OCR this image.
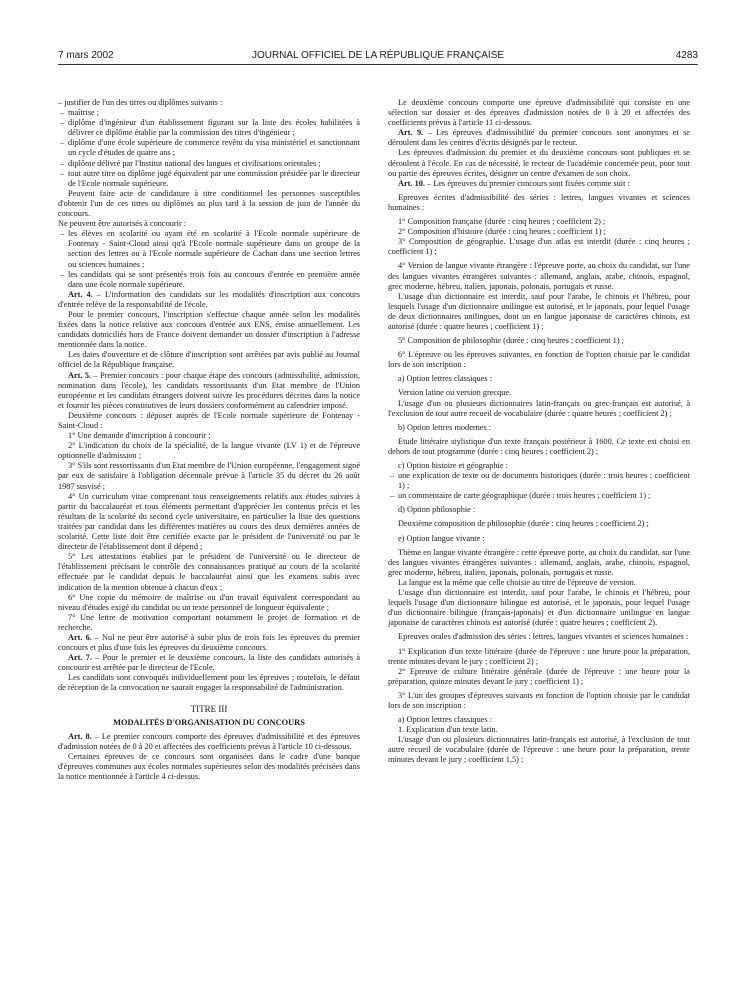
7 mars 2002	JOURNAL OFFICIEL DE LA RÉPUBLIQUE FRANÇAISE	4283

– justifier de l'un des titres ou diplômes suivants :

– maîtrise ;
– diplôme d'ingénieur d'un établissement figurant sur la liste des écoles habilitées à délivrer ce diplôme établie par la commission des titres d'ingénieur ;
– diplôme d'une école supérieure de commerce revêtu du visa ministériel et sanctionnant un cycle d'études de quatre ans ;
– diplôme délivré par l'Institut national des langues et civilisations orientales ;
– tout autre titre ou diplôme jugé équivalent par une commission présidée par le directeur de l'Ecole normale supérieure.

Peuvent faire acte de candidature à titre conditionnel les personnes susceptibles d'obtenir l'un de ces titres ou diplômes au plus tard à la session de juin de l'année du concours.

Ne peuvent être autorisés à concourir :

– les élèves en scolarité ou ayant été en scolarité à l'Ecole normale supérieure de Fontenay - Saint-Cloud ainsi qu'à l'Ecole normale supérieure dans un groupe de la section des lettres ou à l'Ecole normale supérieure de Cachan dans une section lettres ou sciences humaines ;
– les candidats qui se sont présentés trois fois au concours d'entrée en première année dans une école normale supérieure.

Art. 4. – L'information des candidats sur les modalités d'inscription aux concours d'entrée relève de la responsabilité de l'école.

Pour le premier concours, l'inscription s'effectue chaque année selon les modalités fixées dans la notice relative aux concours d'entrée aux ENS, émise annuellement. Les candidats domiciliés hors de France doivent demander un dossier d'inscription à l'adresse mentionnée dans la notice.

Les dates d'ouverture et de clôture d'inscription sont arrêtées par avis publié au Journal officiel de la République française.

Art. 5. – Premier concours : pour chaque étape des concours (admissibilité, admission, nomination dans l'école), les candidats ressortissants d'un Etat membre de l'Union européenne et les candidats étrangers doivent suivre les procédures décrites dans la notice et fournir les pièces constitutives de leurs dossiers conformément au calendrier imposé.

Deuxième concours : déposer auprès de l'Ecole normale supérieure de Fontenay - Saint-Cloud :

1° Une demande d'inscription à concourir ;

2° L'indication du choix de la spécialité, de la langue vivante (LV 1) et de l'épreuve optionnelle d'admission ;

3° S'ils sont ressortissants d'un Etat membre de l'Union européenne, l'engagement signé par eux de satisfaire à l'obligation décennale prévue à l'article 35 du décret du 26 août 1987 susvisé ;

4° Un curriculum vitae comprenant tous renseignements relatifs aux études suivies à partir du baccalauréat et tous éléments permettant d'apprécier les contenus précis et les résultats de la scolarité du second cycle universitaire, en particulier la liste des questions traitées par candidat dans les différentes matières au cours des deux dernières années de scolarité. Cette liste doit être certifiée exacte par le président de l'université ou par le directeur de l'établissement dont il dépend ;

5° Les attestations établies par le président de l'université ou le directeur de l'établissement précisant le contrôle des connaissances pratiqué au cours de la scolarité effectuée par le candidat depuis le baccalauréat ainsi que les examens subis avec indication de la mention obtenue à chacun d'eux ;

6° Une copie du mémoire de maîtrise ou d'un travail équivalent correspondant au niveau d'études exigé du candidat ou un texte personnel de longueur équivalente ;

7° Une lettre de motivation comportant notamment le projet de formation et de recherche.

Art. 6. – Nul ne peut être autorisé à subir plus de trois fois les épreuves du premier concours et plus d'une fois les épreuves du deuxième concours.

Art. 7. – Pour le premier et le deuxième concours, la liste des candidats autorisés à concourir est arrêtée par le directeur de l'Ecole.

Les candidats sont convoqués individuellement pour les épreuves ; toutefois, le défaut de réception de la convocation ne saurait engager la responsabilité de l'administration.

TITRE III
MODALITÉS D'ORGANISATION DU CONCOURS

Art. 8. – Le premier concours comporte des épreuves d'admissibilité et des épreuves d'admission notées de 0 à 20 et affectées des coefficients prévus à l'article 10 ci-dessous.

Certaines épreuves de ce concours sont organisées dans le cadre d'une banque d'épreuves communes aux écoles normales supérieures selon des modalités précisées dans la notice mentionnée à l'article 4 ci-dessus.

Le deuxième concours comporte une épreuve d'admissibilité qui consiste en une sélection sur dossier et des épreuves d'admission notées de 0 à 20 et affectées des coefficients prévus à l'article 11 ci-dessous.

Art. 9. – Les épreuves d'admissibilité du premier concours sont anonymes et se déroulent dans les centres d'écrits désignés par le recteur.

Les épreuves d'admission du premier et du deuxième concours sont publiques et se déroulent à l'école. En cas de nécessité, le recteur de l'académie concernée peut, pour tout ou partie des épreuves écrites, désigner un centre d'examen de son choix.

Art. 10. – Les épreuves du premier concours sont fixées comme suit :

Epreuves écrites d'admissibilité des séries : lettres, langues vivantes et sciences humaines :

1° Composition française (durée : cinq heures ; coefficient 2) ;

2° Composition d'histoire (durée : cinq heures ; coefficient 1) ;

3° Composition de géographie. L'usage d'un atlas est interdit (durée : cinq heures ; coefficient 1) ;

4° Version de langue vivante étrangère : l'épreuve porte, au choix du candidat, sur l'une des langues vivantes étrangères suivantes : allemand, anglais, arabe, chinois, espagnol, grec moderne, hébreu, italien, japonais, polonais, portugais et russe.

L'usage d'un dictionnaire est interdit, sauf pour l'arabe, le chinois et l'hébreu, pour lesquels l'usage d'un dictionnaire unilingue est autorisé, et le japonais, pour lequel l'usage de deux dictionnaires unilingues, dont un en langue japonaise de caractères chinois, est autorisé (durée : quatre heures ; coefficient 1) ;

5° Composition de philosophie (durée : cinq heures ; coefficient 1) ;

6° L'épreuve ou les épreuves suivantes, en fonction de l'option choisie par le candidat lors de son inscription :

a) Option lettres classiques :

Version latine ou version grecque.

L'usage d'un ou plusieurs dictionnaires latin-français ou grec-français est autorisé, à l'exclusion de tout autre recueil de vocabulaire (durée : quatre heures ; coefficient 2) ;

b) Option lettres modernes :

Etude littéraire stylistique d'un texte français postérieur à 1600. Ce texte est choisi en dehors de tout programme (durée : cinq heures ; coefficient 2) ;

c) Option histoire et géographie :

– une explication de texte ou de documents historiques (durée : trois heures ; coefficient 1) ;
– un commentaire de carte géographique (durée : trois heures ; coefficient 1) ;

d) Option philosophie :

Deuxième composition de philosophie (durée : cinq heures ; coefficient 2) ;

e) Option langue vivante :

Thème en langue vivante étrangère : cette épreuve porte, au choix du candidat, sur l'une des langues vivantes étrangères suivantes : allemand, anglais, arabe, chinois, espagnol, grec moderne, hébreu, italien, japonais, polonais, portugais et russe.

La langue est la même que celle choisie au titre de l'épreuve de version.

L'usage d'un dictionnaire est interdit, sauf pour l'arabe, le chinois et l'hébreu, pour lequels l'usage d'un dictionnaire bilingue est autorisé, et le japonais, pour lequel l'usage d'un dictionnaire bilingue (français-japonais) et d'un dictionnaire unilingue en langue japonaise de caractères chinois est autorisé (durée : quatre heures ; coefficient 2).

Epreuves orales d'admission des séries : lettres, langues vivantes et sciences humaines :

1° Explication d'un texte littéraire (durée de l'épreuve : une heure pour la préparation, trente minutes devant le jury ; coefficient 2) ;

2° Epreuve de culture littéraire générale (durée de l'épreuve : une heure pour la préparation, quinze minutes devant le jury ; coefficient 1) ;

3° L'un des groupes d'épreuves suivants en fonction de l'option choisie par le candidat lors de son inscription :

a) Option lettres classiques :

1. Explication d'un texte latin.

L'usage d'un ou plusieurs dictionnaires latin-français est autorisé, à l'exclusion de tout autre recueil de vocabulaire (durée de l'épreuve : une heure pour la préparation, trente minutes devant le jury ; coefficient 1,5) ;
